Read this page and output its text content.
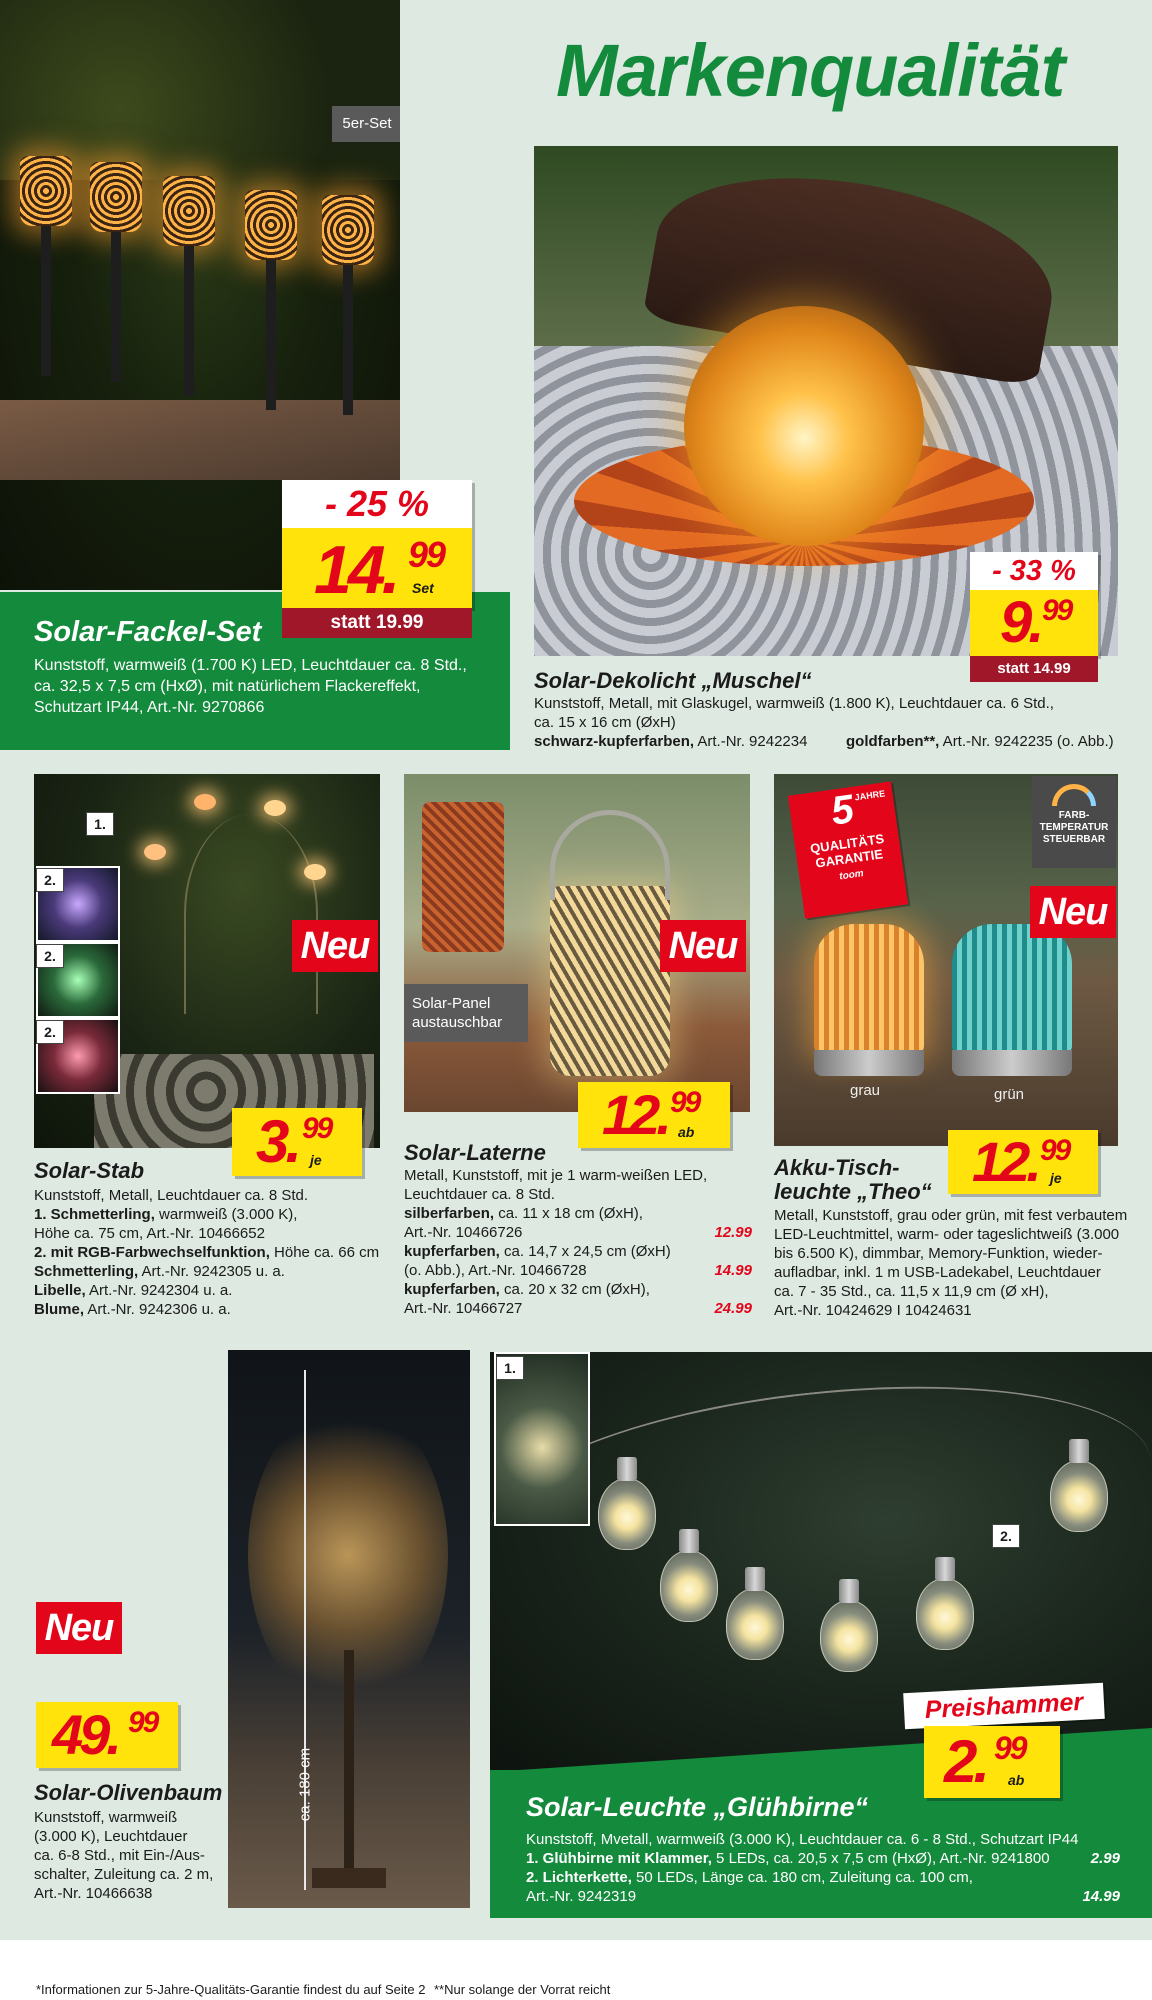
5er-Set
- 25 %
14. 99
Set
statt 19.99
Solar-Fackel-Set
Kunststoff, warmweiß (1.700 K) LED, Leuchtdauer ca. 8 Std.,
ca. 32,5 x 7,5 cm (HxØ), mit natürlichem Flackereffekt,
Schutzart IP44, Art.-Nr. 9270866
Markenqualität
- 33 %
9. 99
statt 14.99
Solar-Dekolicht „Muschel“
Kunststoff, Metall, mit Glaskugel, warmweiß (1.800 K), Leuchtdauer ca. 6 Std.,
ca. 15 x 16 cm (ØxH)
schwarz-kupferfarben, Art.-Nr. 9242234	goldfarben**, Art.-Nr. 9242235 (o. Abb.)
1.
2.
2.
2.
Neu
3. 99
je
Solar-Stab
Kunststoff, Metall, Leuchtdauer ca. 8 Std.
1. Schmetterling, warmweiß (3.000 K),
Höhe ca. 75 cm, Art.-Nr. 10466652
2. mit RGB-Farbwechselfunktion, Höhe ca. 66 cm
Schmetterling, Art.-Nr. 9242305 u. a.
Libelle, Art.-Nr. 9242304 u. a.
Blume, Art.-Nr. 9242306 u. a.
Solar-Panel austauschbar
Neu
12. 99
ab
Solar-Laterne
Metall, Kunststoff, mit je 1 warm-weißen LED,
Leuchtdauer ca. 8 Std.
silberfarben, ca. 11 x 18 cm (ØxH),
Art.-Nr. 10466726	12.99
kupferfarben, ca. 14,7 x 24,5 cm (ØxH)
(o. Abb.), Art.-Nr. 10466728	14.99
kupferfarben, ca. 20 x 32 cm (ØxH),
Art.-Nr. 10466727	24.99
grau	grün
5
JAHRE
QUALITÄTS GARANTIE
toom
FARB-TEMPERATUR STEUERBAR
Neu
12. 99
je
Akku-Tisch-
leuchte „Theo“
Metall, Kunststoff, grau oder grün, mit fest verbautem
LED-Leuchtmittel, warm- oder tageslichtweiß (3.000
bis 6.500 K), dimmbar, Memory-Funktion, wieder-
aufladbar, inkl. 1 m USB-Ladekabel, Leuchtdauer
ca. 7 - 35 Std., ca. 11,5 x 11,9 cm (Ø xH),
Art.-Nr. 10424629 I 10424631
ca. 180 cm
Neu
49. 99
Solar-Olivenbaum
Kunststoff, warmweiß
(3.000 K), Leuchtdauer
ca. 6-8 Std., mit Ein-/Aus-
schalter, Zuleitung ca. 2 m,
Art.-Nr. 10466638
1.
2.
Preishammer
2. 99
ab
Solar-Leuchte „Glühbirne“
Kunststoff, Mvetall, warmweiß (3.000 K), Leuchtdauer ca. 6 - 8 Std., Schutzart IP44
1. Glühbirne mit Klammer, 5 LEDs, ca. 20,5 x 7,5 cm (HxØ), Art.-Nr. 9241800	2.99
2. Lichterkette, 50 LEDs, Länge ca. 180 cm, Zuleitung ca. 100 cm,
Art.-Nr. 9242319	14.99
*Informationen zur 5-Jahre-Qualitäts-Garantie findest du auf Seite 2 **Nur solange der Vorrat reicht
